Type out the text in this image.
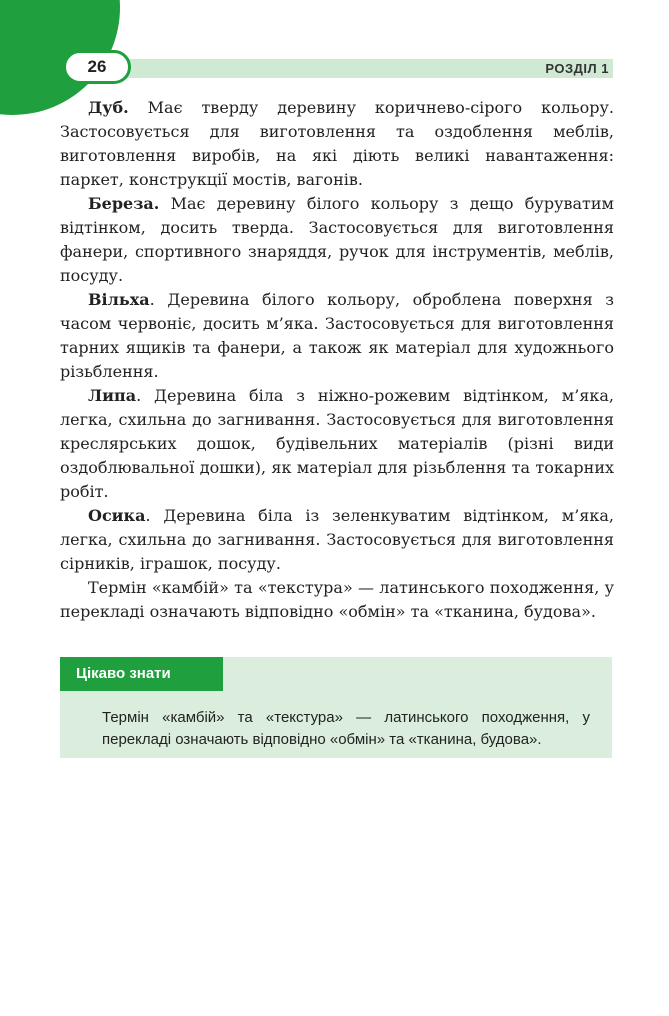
26	РОЗДІЛ 1

Дуб. Має тверду деревину коричнево-сірого кольору. Застосовується для виготовлення та оздоблення меблів, виготовлення виробів, на які діють великі навантаження: паркет, конструкції мостів, вагонів.

Береза. Має деревину білого кольору з дещо буруватим відтінком, досить тверда. Застосовується для виготовлення фанери, спортивного знаряддя, ручок для інструментів, меблів, посуду.

Вільха. Деревина білого кольору, оброблена поверхня з часом червоніє, досить м’яка. Застосовується для виготовлення тарних ящиків та фанери, а також як матеріал для художнього різьблення.

Липа. Деревина біла з ніжно-рожевим відтінком, м’яка, легка, схильна до загнивання. Застосовується для виготовлення креслярських дошок, будівельних матеріалів (різні види оздоблювальної дошки), як матеріал для різьблення та токарних робіт.

Осика. Деревина біла із зеленкуватим відтінком, м’яка, легка, схильна до загнивання. Застосовується для виготовлення сірників, іграшок, посуду.

Термін «камбій» та «текстура» — латинського походження, у перекладі означають відповідно «обмін» та «тканина, будова».

Цікаво знати
Термін «камбій» та «текстура» — латинського походження, у перекладі означають відповідно «обмін» та «тканина, будова».
